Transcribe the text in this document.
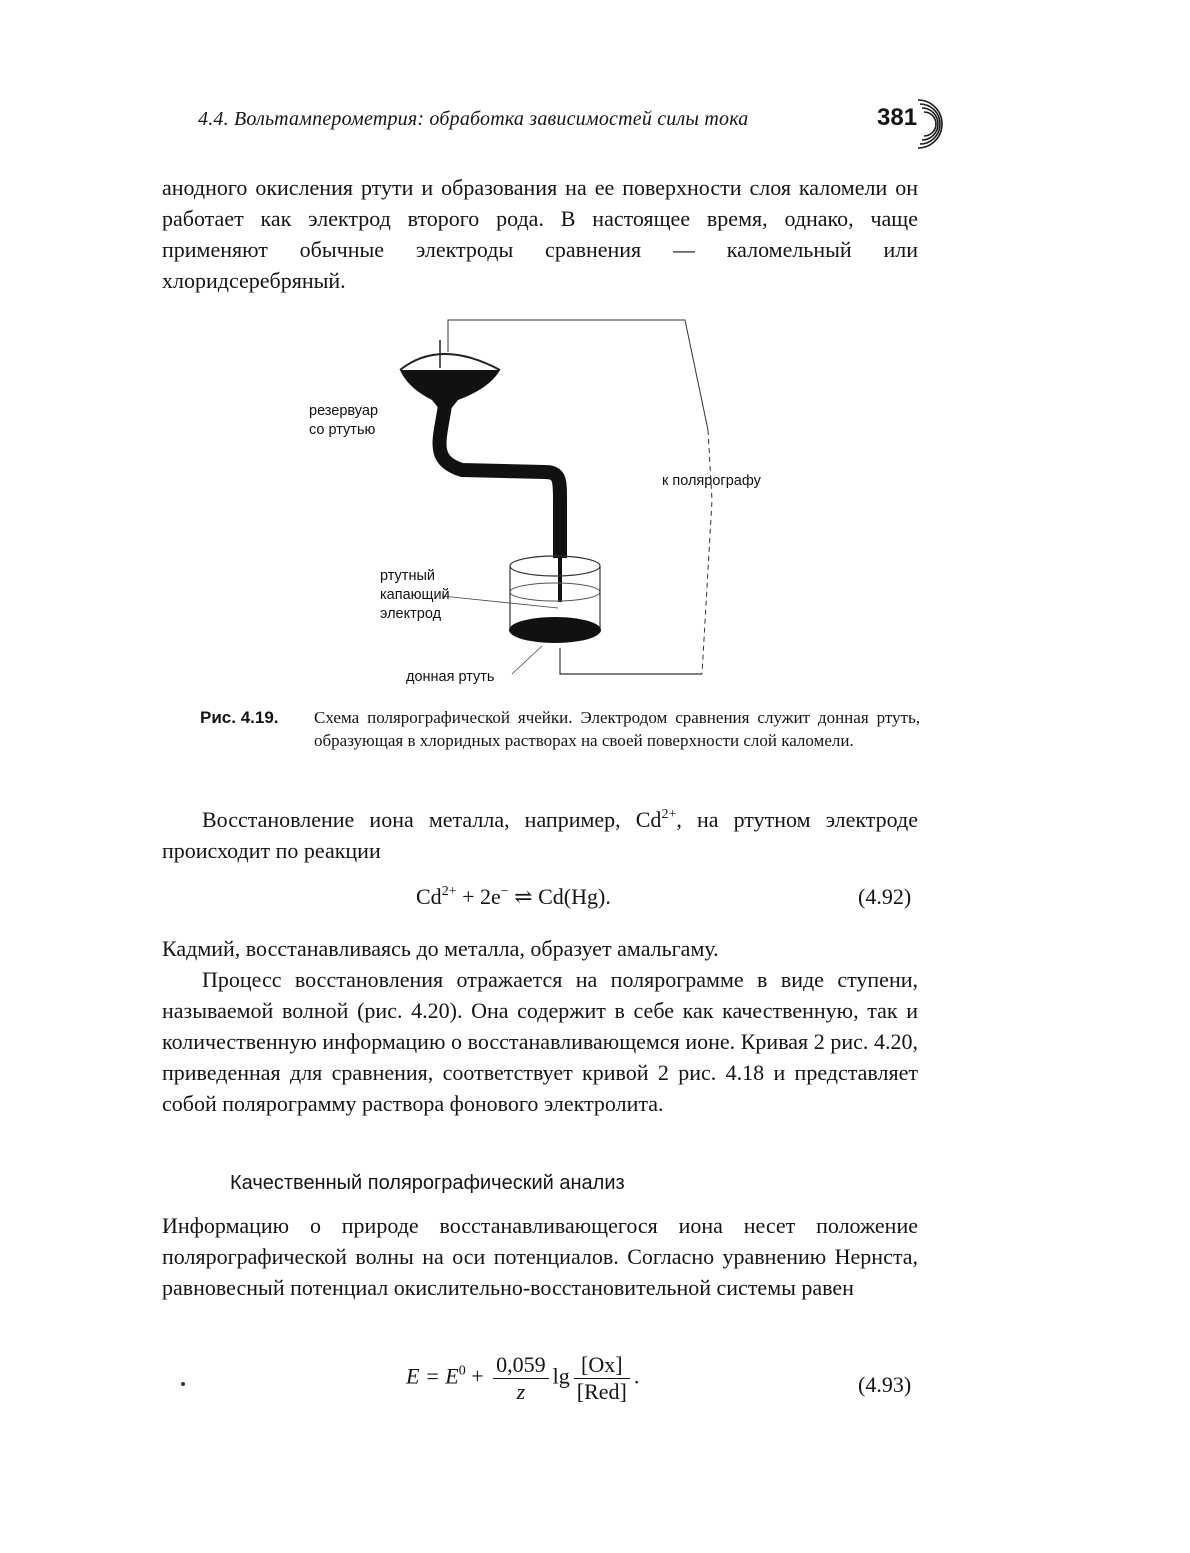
4.4. Вольтамперометрия: обработка зависимостей силы тока	381

анодного окисления ртути и образования на ее поверхности слоя каломели он работает как электрод второго рода. В настоящее время, однако, чаще применяют обычные электроды сравнения — каломельный или хлоридсеребряный.

резервуар
со ртутью
к полярографу
ртутный
капающий
электрод
донная ртуть
Рис. 4.19. Схема полярографической ячейки. Электродом сравнения служит донная ртуть, образующая в хлоридных растворах на своей поверхности слой каломели.

Восстановление иона металла, например, $Cd^{2+}$, на ртутном электроде происходит по реакции

$Cd^{2+} + 2e^-$ ⇌ Cd(Hg).	(4.92)

Кадмий, восстанавливаясь до металла, образует амальгаму.

Процесс восстановления отражается на полярограмме в виде ступени, называемой волной (рис. 4.20). Она содержит в себе как качественную, так и количественную информацию о восстанавливающемся ионе. Кривая 2 рис. 4.20, приведенная для сравнения, соответствует кривой 2 рис. 4.18 и представляет собой полярограмму раствора фонового электролита.

Качественный полярографический анализ

Информацию о природе восстанавливающегося иона несет положение полярографической волны на оси потенциалов. Согласно уравнению Нернста, равновесный потенциал окислительно-восстановительной системы равен

$E = E^0 + \frac{0,059}{z}$ $\lg \frac{[Ox]}{\text{[Red]}}$ .	(4.93)
